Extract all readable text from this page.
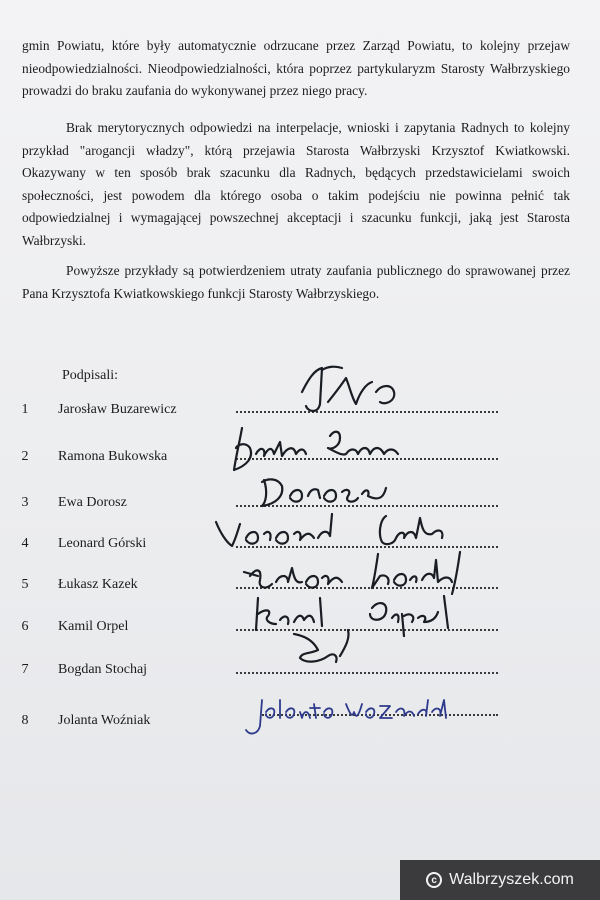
gmin Powiatu, które były automatycznie odrzucane przez Zarząd Powiatu, to kolejny przejaw nieodpowiedzialności. Nieodpowiedzialności, która poprzez partykularyzm Starosty Wałbrzyskiego prowadzi do braku zaufania do wykonywanej przez niego pracy.

Brak merytorycznych odpowiedzi na interpelacje, wnioski i zapytania Radnych to kolejny przykład "arogancji władzy", którą przejawia Starosta Wałbrzyski Krzysztof Kwiatkowski. Okazywany w ten sposób brak szacunku dla Radnych, będących przedstawicielami swoich społeczności, jest powodem dla którego osoba o takim podejściu nie powinna pełnić tak odpowiedzialnej i wymagającej powszechnej akceptacji i szacunku funkcji, jaką jest Starosta Wałbrzyski.

Powyższe przykłady są potwierdzeniem utraty zaufania publicznego do sprawowanej przez Pana Krzysztofa Kwiatkowskiego funkcji Starosty Wałbrzyskiego.

Podpisali:
1	Jarosław Buzarewicz
2	Ramona Bukowska
3	Ewa Dorosz
4	Leonard Górski
5	Łukasz Kazek
6	Kamil Orpel
7	Bogdan Stochaj
8	Jolanta Woźniak
c Walbrzyszek.com
